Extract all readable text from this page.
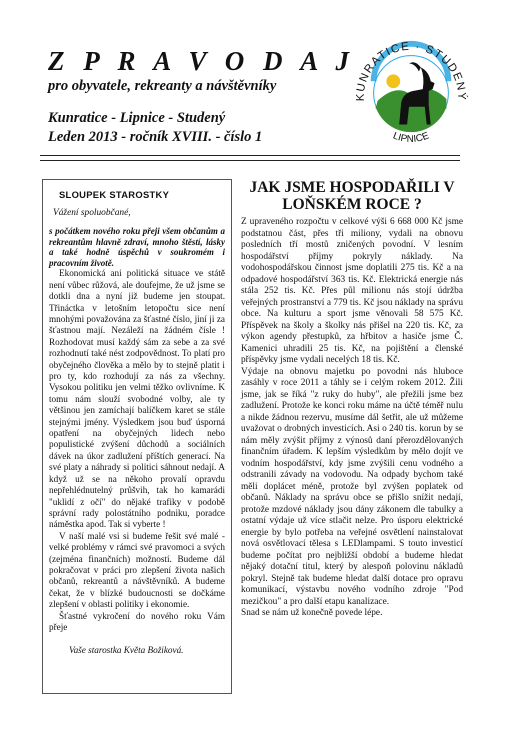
Z P R A V O D A J
pro obyvatele, rekreanty a návštěvníky
Kunratice - Lipnice - Studený
Leden 2013 - ročník XVIII. - číslo 1
KUNRATICE · STUDENÝ
LIPNICE
SLOUPEK STAROSTKY
Vážení spoluobčané,

s počátkem nového roku přeji všem občanům a rekreantům hlavně zdraví, mnoho štěstí, lásky a také hodně úspěchů v soukromém i pracovním životě.

Ekonomická ani politická situace ve státě není vůbec růžová, ale doufejme, že už jsme se dotkli dna a nyní již budeme jen stoupat. Třináctka v letošním letopočtu sice není mnohými považována za šťastné číslo, jiní ji za šťastnou mají. Nezáleží na žádném čísle ! Rozhodovat musí každý sám za sebe a za své rozhodnutí také nést zodpovědnost. To platí pro obyčejného člověka a mělo by to stejně platit i pro ty, kdo rozhodují za nás za všechny. Vysokou politiku jen velmi těžko ovlivníme. K tomu nám slouží svobodné volby, ale ty většinou jen zamíchají balíčkem karet se stále stejnými jmény. Výsledkem jsou buď úsporná opatření na obyčejných lidech nebo populistické zvýšení důchodů a sociálních dávek na úkor zadlužení příštích generací. Na své platy a náhrady si politici sáhnout nedají. A když už se na někoho provalí opravdu nepřehlédnutelný průšvih, tak ho kamarádi "uklidí z očí" do nějaké trafiky v podobě správní rady polostátního podniku, poradce náměstka apod. Tak si vyberte !

V naší malé vsi si budeme řešit své malé - velké problémy v rámci své pravomoci a svých (zejména finančních) možností. Budeme dál pokračovat v práci pro zlepšení života našich občanů, rekreantů a návštěvníků. A budeme čekat, že v blízké budoucnosti se dočkáme zlepšení v oblasti politiky i ekonomie.

Šťastné vykročení do nového roku Vám přeje

Vaše starostka Květa Božiková.
JAK JSME HOSPODAŘILI V LOŇSKÉM ROCE ?

Z upraveného rozpočtu v celkové výši 6 668 000 Kč jsme podstatnou část, přes tři miliony, vydali na obnovu posledních tří mostů zničených povodní. V lesním hospodářství příjmy pokryly náklady. Na vodohospodářskou činnost jsme doplatili 275 tis. Kč a na odpadové hospodářství 363 tis. Kč. Elektrická energie nás stála 252 tis. Kč. Přes půl milionu nás stojí údržba veřejných prostranství a 779 tis. Kč jsou náklady na správu obce. Na kulturu a sport jsme věnovali 58 575 Kč. Příspěvek na školy a školky nás přišel na 220 tis. Kč, za výkon agendy přestupků, za hřbitov a hasiče jsme Č. Kamenici uhradili 25 tis. Kč, na pojištění a členské příspěvky jsme vydali necelých 18 tis. Kč.

Výdaje na obnovu majetku po povodni nás hluboce zasáhly v roce 2011 a táhly se i celým rokem 2012. Žili jsme, jak se říká "z ruky do huby", ale přežili jsme bez zadlužení. Protože ke konci roku máme na účtě téměř nulu a nikde žádnou rezervu, musíme dál šetřit, ale už můžeme uvažovat o drobných investicích. Asi o 240 tis. korun by se nám měly zvýšit příjmy z výnosů daní přerozdělovaných finančním úřadem. K lepším výsledkům by mělo dojít ve vodním hospodářství, kdy jsme zvýšili cenu vodného a odstranili závady na vodovodu. Na odpady bychom také měli doplácet méně, protože byl zvýšen poplatek od občanů. Náklady na správu obce se přišlo snížit nedají, protože mzdové náklady jsou dány zákonem dle tabulky a ostatní výdaje už více stlačit nelze. Pro úsporu elektrické energie by bylo potřeba na veřejné osvětlení nainstalovat nová osvětlovací tělesa s LEDlampami. S touto investicí budeme počítat pro nejbližší období a budeme hledat nějaký dotační titul, který by alespoň polovinu nákladů pokryl. Stejně tak budeme hledat další dotace pro opravu komunikací, výstavbu nového vodního zdroje "Pod mezičkou" a pro další etapu kanalizace.

Snad se nám už konečně povede lépe.
